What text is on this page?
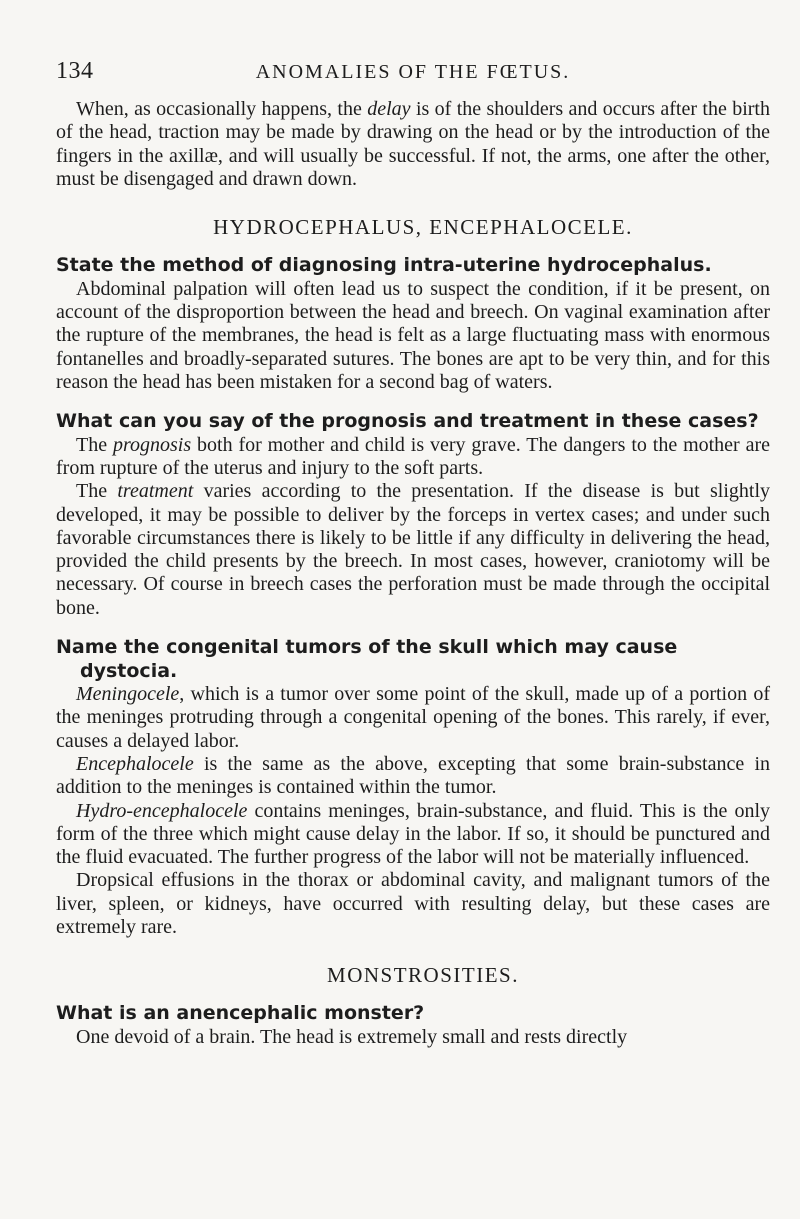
134	ANOMALIES OF THE FŒTUS.

When, as occasionally happens, the delay is of the shoulders and occurs after the birth of the head, traction may be made by drawing on the head or by the introduction of the fingers in the axillæ, and will usually be successful. If not, the arms, one after the other, must be disengaged and drawn down.

HYDROCEPHALUS, ENCEPHALOCELE.
State the method of diagnosing intra-uterine hydrocephalus.

Abdominal palpation will often lead us to suspect the condition, if it be present, on account of the disproportion between the head and breech. On vaginal examination after the rupture of the membranes, the head is felt as a large fluctuating mass with enormous fontanelles and broadly-separated sutures. The bones are apt to be very thin, and for this reason the head has been mistaken for a second bag of waters.

What can you say of the prognosis and treatment in these cases?

The prognosis both for mother and child is very grave. The dangers to the mother are from rupture of the uterus and injury to the soft parts.

The treatment varies according to the presentation. If the disease is but slightly developed, it may be possible to deliver by the forceps in vertex cases; and under such favorable circumstances there is likely to be little if any difficulty in delivering the head, provided the child presents by the breech. In most cases, however, craniotomy will be necessary. Of course in breech cases the perforation must be made through the occipital bone.

Name the congenital tumors of the skull which may cause dystocia.

Meningocele, which is a tumor over some point of the skull, made up of a portion of the meninges protruding through a congenital opening of the bones. This rarely, if ever, causes a delayed labor.

Encephalocele is the same as the above, excepting that some brain-substance in addition to the meninges is contained within the tumor.

Hydro-encephalocele contains meninges, brain-substance, and fluid. This is the only form of the three which might cause delay in the labor. If so, it should be punctured and the fluid evacuated. The further progress of the labor will not be materially influenced.

Dropsical effusions in the thorax or abdominal cavity, and malignant tumors of the liver, spleen, or kidneys, have occurred with resulting delay, but these cases are extremely rare.

MONSTROSITIES.
What is an anencephalic monster?

One devoid of a brain. The head is extremely small and rests directly
